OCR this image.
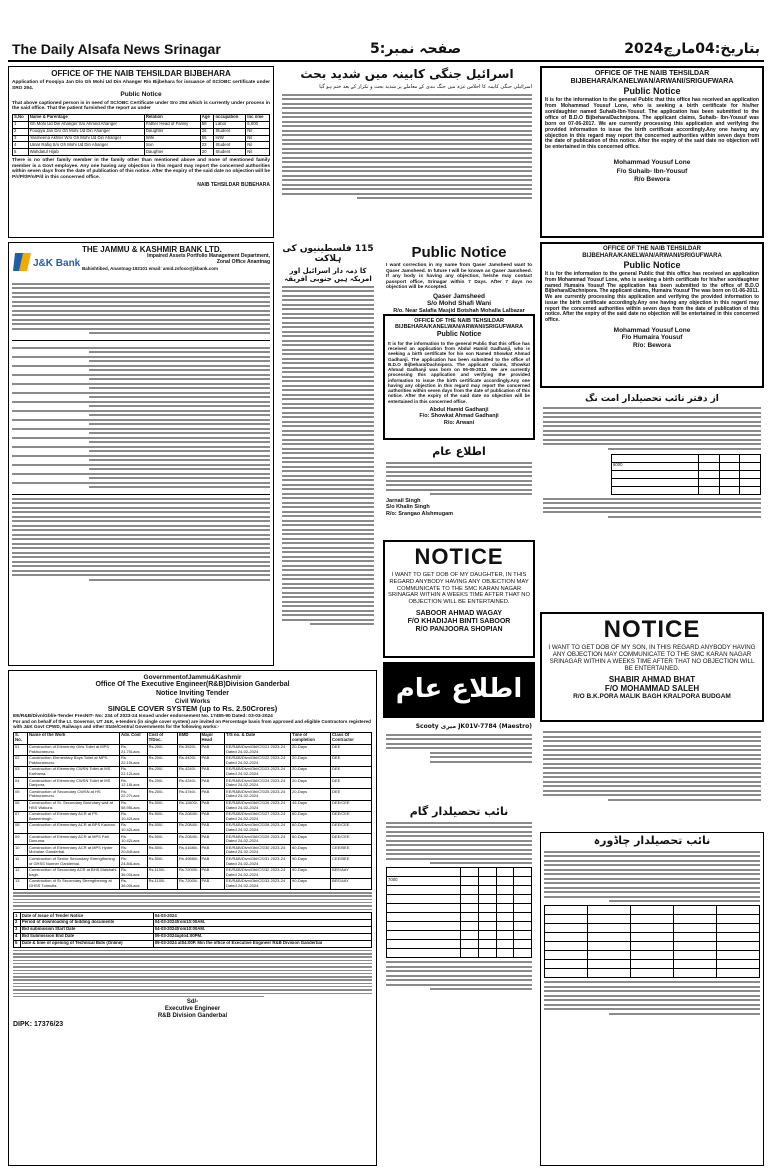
The Daily Alsafa News Srinagar	صفحہ نمبر:5	بتاریخ:04مارچ2024
OFFICE OF THE NAIB TEHSILDAR BIJBEHARA
Application of Fooqiya Jan D/o Gh Mohi Ud Din Ahanger R/o Bijbehara for issuance of SC/OBC certificate under SRO 294.
Public Notice
That above captioned person is in need of SC/OBC Certificate under Sro 294 which is currently under process in the said office. That the patient furnished the report as under
S.No	Name & Parentage	Relation	Age	occupation	Inc ome
1	Gh Mohi Ud Din Ahanger S/o Ahmed Ahanger	Father Head of Family	58	Labor	6,000
2	Fooqiya Jan D/o Gh Mohi Ud Din Ahanger	Daughter	26	Student	Nil
3	Yasmeena Akhter W/o Gh Mohi Ud Din Ahanger	Wife	55	H/W	Nil
4	Umar Rafiq S/o Gh Mohi Ud Din Ahanger	Son	23	Student	Nil
5	Wahdatul Hijab	Daughter	20	Student	Nil
There is no other family member in the family other than mentioned above and none of mentioned family member is a Govt employee. Any one having any objection in this regard may report the concerned authorities within seven days from the date of publication of this notice. After the expiry of the said date no objection will be P/r/P/t/P/n/P/d in this concerned office.
NAIB TEHSILDAR BIJBEHARA
اسرائیل جنگی کابینہ میں شدید بحث
اسرائیلی جنگی کابینہ کا اجلاس غزہ میں جنگ بندی کے معاملے پر شدید بحث و تکرار کے بعد ختم ہو گیا
OFFICE OF THE NAIB TEHSILDAR BIJBEHARA/KANELWAN/ARWANI/SRIGUFWARA
Public Notice
It is for the information to the general Public that this office has received an application from Mohammad Yousuf Lone, who is seeking a birth certificate for his/her son/daughter named Suhaib-Ibn-Yousuf. The application has been submitted to the office of B.D.O Bijbehara/Dachnipora. The applicant claims, Suhaib- Ibn-Yousuf was born on 07-06-2017. We are currently processing this application and verifying the provided information to issue the birth certificate accordingly.Any one having any objection in this regard may report the concerned authorities within seven days from the date of publication of this notice. After the expiry of the said date no objection will be entertained in this concerned office.
Mohammad Yousuf Lone
F/o Suhaib- Ibn-Yousuf
R/o Bewora
J&K Bank
THE JAMMU & KASHMIR BANK LTD.
Impaired Assets Portfolio Management Department,
Zonal Office Anantnag
Bahishtibed, Anantnag-192101 email: amid.zsfoxo@jkbank.com
115 فلسطینیوں کی ہلاکت
کا ذمہ دار اسرائیل اور امریکہ ہیں جنوبی افریقہ
Public Notice
I want correction in my name from Qaser Jamsheed want to Qaser Jamsheed. In future I will be known as Qaser Jamsheed. If any body is having any objection, he/she may contact passport office, Srinagar within 7 Days. After 7 days no objection will be Accepted.
Qaser Jamsheed
S/o Mohd Shafi Wani
R/o. Near Salafia Masjid Botshah Mohalla Lalbazar
OFFICE OF THE NAIB TEHSILDAR BIJBEHARA/KANELWAN/ARWANI/SRIGUFWARA
Public Notice
It is for the information to the general Public that this office has received an application from Abdul Hamid Gadhanji, who is seeking a birth certificate for his son Named Showkat Ahmad Gadhanji. The application has been submitted to the office of B.D.O Bijbehara/Dachnipora. The applicant claims, Showkat Ahmad Gadhanji was born on 06-05-2012. We are currently processing this application and verifying the provided information to issue the birth certificate accordingly.Any one having any objection in this regard may report the concerned authorities within seven days from the date of publication of this notice. After the expiry of the said date no objection will be entertained in this concerned office.
Abdul Hamid Gadhanji
F/o: Showkat Ahmad Gadhanji
R/o: Arwani
OFFICE OF THE NAIB TEHSILDAR BIJBEHARA/KANELWAN/ARWANI/SRIGUFWARA
Public Notice
It is for the information to the general Public that this office has received an application from Mohammad Yousuf Lone, who is seeking a birth certificate for his/her son/daughter named Humaira Yousuf The application has been submitted to the office of B.D.O Bijbehara/Dachnipora. The applicant claims, Humaira Yousuf The was born on 01-06-2011. We are currently processing this application and verifying the provided information to issue the birth certificate accordingly.Any one having any objection in this regard may report the concerned authorities within seven days from the date of publication of this notice. After the expiry of the said date no objection will be entertained in this concerned office.
Mohammad Yousuf Lone
F/o Humaira Yousuf
R/o: Bewora
از دفتر نائب تحصیلدار امت نگ

6000			

اطلاع عام
Jarnail Singh
S/o Khalin Singh
R/o: Srangao Alshmugam
NOTICE
I WANT TO GET DOB OF MY DAUGHTER, IN THIS REGARD ANYBODY HAVING ANY OBJECTION MAY COMMUNICATE TO THE SMC KARAN NAGAR SRINAGAR WITHIN A WEEKS TIME AFTER THAT NO OBJECTION WILL BE ENTERTAINED.
SABOOR AHMAD WAGAY
F/O KHADIJAH BINTI SABOOR
R/O PANJOORA SHOPIAN	NOTICE
I WANT TO GET DOB OF MY SON, IN THIS REGARD ANYBODY HAVING ANY OBJECTION MAY COMMUNICATE TO THE SMC KARAN NAGAR SRINAGAR WITHIN A WEEKS TIME AFTER THAT NO OBJECTION WILL BE ENTERTAINED.
SHABIR AHMAD BHAT
F/O MOHAMMAD SALEH
R/O B.K.PORA MALIK BAGH KRALPORA BUDGAM
اطلاع عام
JK01V-7784 (Maestro) میری Scooty
نائب تحصیلدار گام

7000				

نائب تحصیلدار چاڈورہ

GovernmentofJammu&Kashmir
Office Of The Executive Engineer(R&B)Division Ganderbal
Notice Inviting Tender
Civil Works
SINGLE COVER SYSTEM (up to Rs. 2.50Crores)
EE/R&B/Divn/Gbl/e-Tender FresNIT- No: 234 of 2023-24 Issued under endorsement No. 17485-90 Dated: 03-03-2024
For and on behalf of the Lt. Governor, UT J&K, e-tenders (in single cover system) are invited on Percentage basis from approved and eligible Contractors registered with J&K Govt CPWD, Railways and other State/Central Governments for the following works:-
S. No.	Name of the Work	Adv. Cost	Cost of T/Doc.	EMD	Major Head	T/S no. & Date	Time of completion	Class Of Contractor
01	Construction of Elementry Girls Toilet at MPS Pakhuramunu.	Rs. 21.70Lacs	Rs.200/-	Rs.3520/-	PAB	EE/R&B/Divn/Gbl/CS/21 2023-24 Dated 24-02-2024	20-Days	DEE
02	Construction Elementary Boys Toilet at MPS Pakhuramunu.	Rs. 22.10Lacs	Rs.200/-	Rs.4420/-	PAB	EE/R&B/Divn/Gbl/CS/22 2023-24 Dated 24-02-2024	20-Days	DEE
03	Construction of Elementry CWSN Toilet at MS Karhama.	Rs. 22.12Lacs	Rs.200/-	Rs.4240/-	PAB	EE/R&B/Divn/Gbl/CS/23 2023-24 Dated 24-02-2024	20-Days	DEE
04	Construction of Elementry CWSN Toilet at MS Daripora.	Rs. 12.15Lacs	Rs.200/-	Rs.4240/-	PAB	EE/R&B/Divn/Gbl/CS/24 2023-24 Dated 24-02-2024	20-Days	DEE
05	Construction of Secondary CWSN at HS Pakhuramunu.	Rs. 22.27Lacs	Rs.200/-	Rs.4740/-	PAB	EE/R&B/Divn/Gbl/CS/25 2023-24 Dated 24-02-2024	20-Days	DEE
06	Construction of Sr. Secondary Boundary wall at HSS Wakura.	Rs. 58.95Lacs	Rs.500/-	Rs.11600/-	PAB	EE/R&B/Divn/Gbl/CS/26 2023-24 Dated 24-02-2024	45-Days	DEE/CEE
07	Construction of Elementary ACR at PS Baseenbugh.	Rs. 10.42Lacs	Rs.500/-	Rs.20840/-	PAB	EE/R&B/Divn/Gbl/CS/27 2023-24 Dated 24-02-2024	60-Days	DEE/CEE
08	Construction of Elementary ACR at BPS Kachan.	Rs. 10.42Lacs	Rs.500/-	Rs.20840/-	PAB	EE/R&B/Divn/Gbl/CS/28 2023-24 Dated 24-02-2024	60-Days	DEE/CEE
09	Construction of Elementary ACR at MPS Pali Dunuma.	Rs. 10.42Lacs	Rs.500/-	Rs.20840/-	PAB	EE/R&B/Divn/Gbl/CS/29 2023-24 Dated 24-02-2024	60-Days	DEE/CEE
10	Construction of Elementary ACR at MPS Hyder Mohalan Ganderbal.	Rs. 20.84Lacs	Rs.500/-	Rs.41680/-	PAB	EE/R&B/Divn/Gbl/CS/30 2023-24 Dated 24-02-2024	60-Days	CEE/BEE
11	Construction of Senior Secondary Strengthening of GHSS Nunner Ganderbal.	Rs. 24.84Lacs	Rs.500/-	Rs.49680/-	PAB	EE/R&B/Divn/Gbl/CS/31 2023-24 Dated 24-02-2024	90-Days	CEE/BEE
12	Construction of Secondary ACR at BHS Malshahi bagh.	Rs. 36.00Lacs	Rs.1100/-	Rs.72000/-	PAB	EE/R&B/Divn/Gbl/CS/32 2023-24 Dated 24-02-2024	90-Days	BEE/AAY
13	Construction of Sr Secondary Strengthening at GHSS Tulmulla.	Rs. 36.00Lacs	Rs.1100/-	Rs.72000/-	PAB	EE/R&B/Divn/Gbl/CS/33 2023-24 Dated 24-02-2024	90-Days	BEE/AAY
1	Date of Issue of Tender Notice	04-03-2024
2	Period of downloading of bidding documents	04-03-2024from10:00AM.
3	Bid submission Start Date	04-03-2024from10:00AM.
4	Bid Submission End Date	09-03-2024upto4:00PM.
5	Date & time of opening of Technical Bids (Online)	09-03-2024 at04:00P. Min the office of Executive Engineer R&B Division Ganderbal
Sd/-
Executive Engineer
R&B Division Ganderbal
DIPK: 17376/23
